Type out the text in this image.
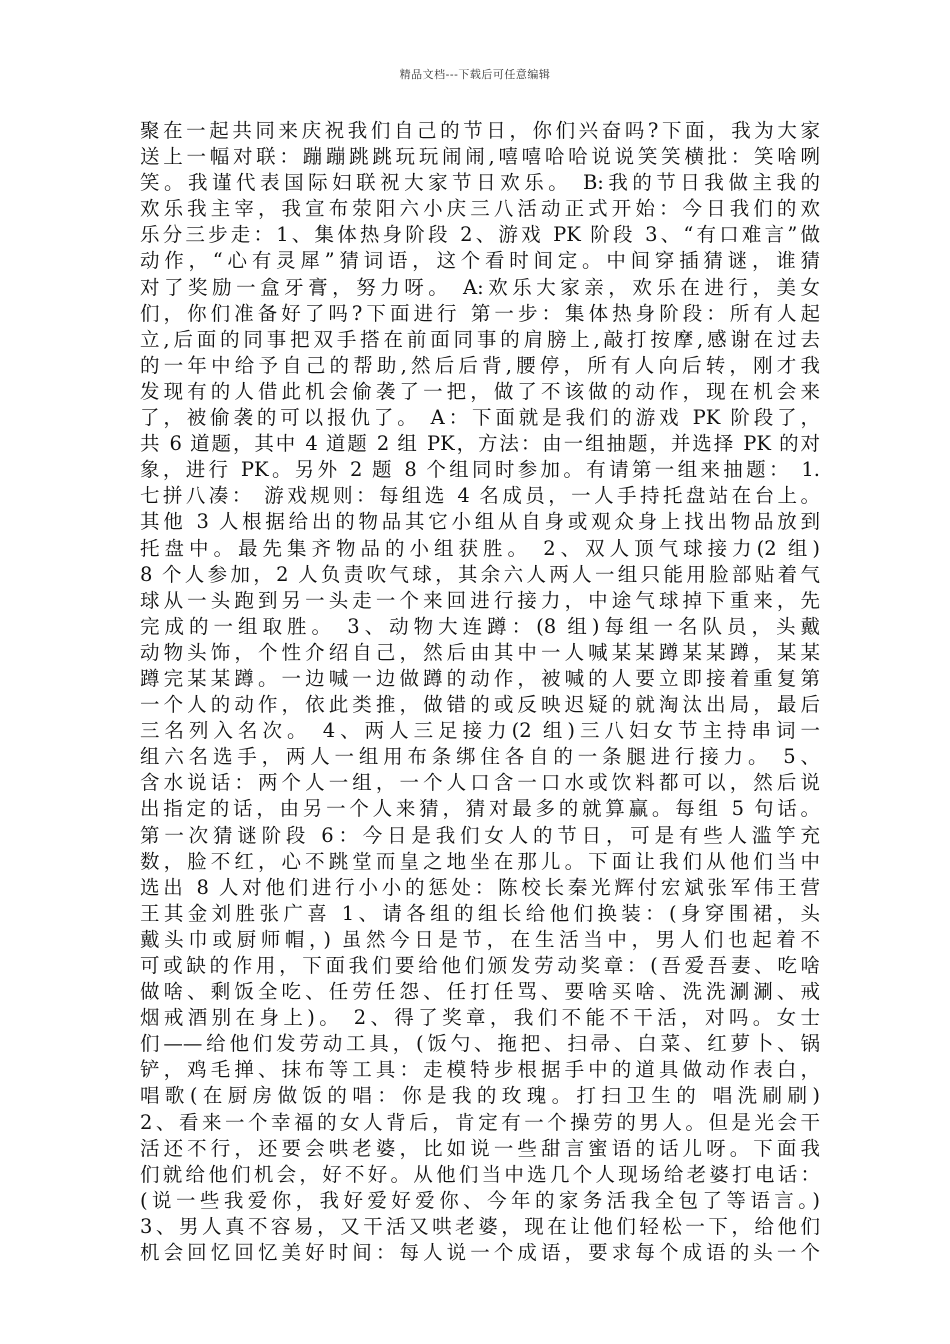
精品文档---下载后可任意编辑
聚在一起共同来庆祝我们自己的节日，你们兴奋吗?下面，我为大家
送上一幅对联：蹦蹦跳跳玩玩闹闹,嘻嘻哈哈说说笑笑横批：笑啥咧
笑。我谨代表国际妇联祝大家节日欢乐。 B:我的节日我做主我的
欢乐我主宰，我宣布荥阳六小庆三八活动正式开始：今日我们的欢
乐分三步走：1、集体热身阶段 2、游戏 PK 阶段 3、“有口难言”做
动作，“心有灵犀”猜词语，这个看时间定。中间穿插猜谜，谁猜
对了奖励一盒牙膏，努力呀。 A:欢乐大家亲，欢乐在进行，美女
们，你们准备好了吗?下面进行 第一步：集体热身阶段：所有人起
立,后面的同事把双手搭在前面同事的肩膀上,敲打按摩,感谢在过去
的一年中给予自己的帮助,然后后背,腰停，所有人向后转，刚才我
发现有的人借此机会偷袭了一把，做了不该做的动作，现在机会来
了，被偷袭的可以报仇了。 A：下面就是我们的游戏 PK 阶段了，
共 6 道题，其中 4 道题 2 组 PK，方法：由一组抽题，并选择 PK 的对
象，进行 PK。另外 2 题 8 个组同时参加。有请第一组来抽题： 1.
七拼八凑： 游戏规则：每组选 4 名成员，一人手持托盘站在台上。
其他 3 人根据给出的物品其它小组从自身或观众身上找出物品放到
托盘中。最先集齐物品的小组获胜。 2、双人顶气球接力(2 组)
8 个人参加，2 人负责吹气球，其余六人两人一组只能用脸部贴着气
球从一头跑到另一头走一个来回进行接力，中途气球掉下重来，先
完成的一组取胜。 3、动物大连蹲：(8 组)每组一名队员，头戴
动物头饰，个性介绍自己，然后由其中一人喊某某蹲某某蹲，某某
蹲完某某蹲。一边喊一边做蹲的动作，被喊的人要立即接着重复第
一个人的动作，依此类推，做错的或反映迟疑的就淘汰出局，最后
三名列入名次。 4、两人三足接力(2 组)三八妇女节主持串词一
组六名选手，两人一组用布条绑住各自的一条腿进行接力。 5、
含水说话：两个人一组，一个人口含一口水或饮料都可以，然后说
出指定的话，由另一个人来猜，猜对最多的就算赢。每组 5 句话。
第一次猜谜阶段 6：今日是我们女人的节日，可是有些人滥竽充
数，脸不红，心不跳堂而皇之地坐在那儿。下面让我们从他们当中
选出 8 人对他们进行小小的惩处：陈校长秦光辉付宏斌张军伟王营
王其金刘胜张广喜 1、请各组的组长给他们换装：(身穿围裙，头
戴头巾或厨师帽，) 虽然今日是节，在生活当中，男人们也起着不
可或缺的作用，下面我们要给他们颁发劳动奖章：(吾爱吾妻、吃啥
做啥、剩饭全吃、任劳任怨、任打任骂、要啥买啥、洗洗涮涮、戒
烟戒酒别在身上)。 2、得了奖章，我们不能不干活，对吗。女士
们——给他们发劳动工具，(饭勺、拖把、扫帚、白菜、红萝卜、锅
铲，鸡毛掸、抹布等工具：走模特步根据手中的道具做动作表白，
唱歌(在厨房做饭的唱：你是我的玫瑰。打扫卫生的 唱洗刷刷)
2、看来一个幸福的女人背后，肯定有一个操劳的男人。但是光会干
活还不行，还要会哄老婆，比如说一些甜言蜜语的话儿呀。下面我
们就给他们机会，好不好。从他们当中选几个人现场给老婆打电话：
(说一些我爱你，我好爱好爱你、今年的家务活我全包了等语言。)
3、男人真不容易，又干活又哄老婆，现在让他们轻松一下，给他们
机会回忆回忆美好时间：每人说一个成语，要求每个成语的头一个
